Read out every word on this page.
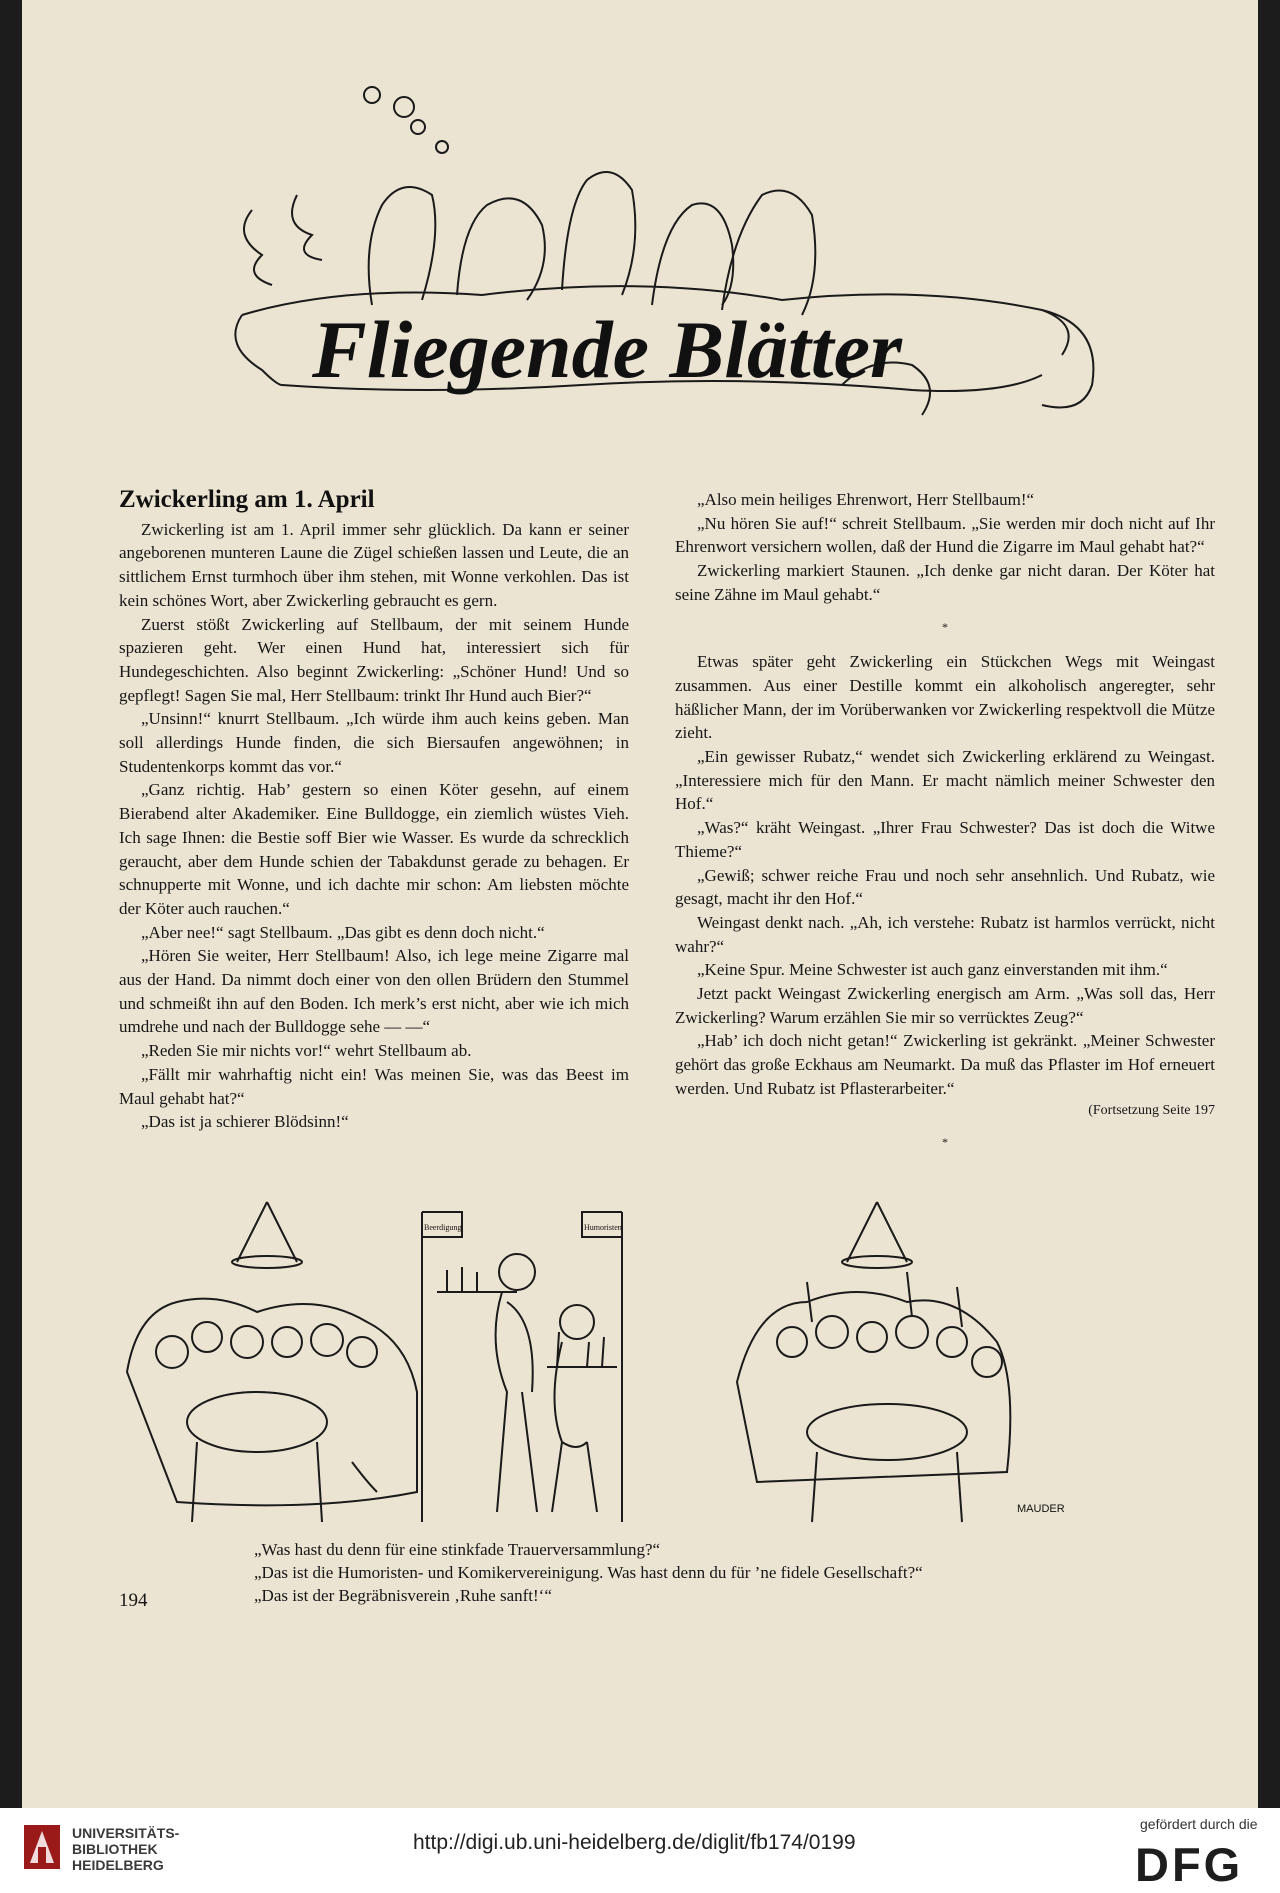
Fliegende Blätter
Zwickerling am 1. April

Zwickerling ist am 1. April immer sehr glücklich. Da kann er seiner angeborenen munteren Laune die Zügel schießen lassen und Leute, die an sittlichem Ernst turmhoch über ihm stehen, mit Wonne verkohlen. Das ist kein schönes Wort, aber Zwickerling gebraucht es gern.

Zuerst stößt Zwickerling auf Stellbaum, der mit seinem Hunde spazieren geht. Wer einen Hund hat, interessiert sich für Hundegeschichten. Also beginnt Zwickerling: „Schöner Hund! Und so gepflegt! Sagen Sie mal, Herr Stellbaum: trinkt Ihr Hund auch Bier?“

„Unsinn!“ knurrt Stellbaum. „Ich würde ihm auch keins geben. Man soll allerdings Hunde finden, die sich Biersaufen angewöhnen; in Studentenkorps kommt das vor.“

„Ganz richtig. Hab’ gestern so einen Köter gesehn, auf einem Bierabend alter Akademiker. Eine Bulldogge, ein ziemlich wüstes Vieh. Ich sage Ihnen: die Bestie soff Bier wie Wasser. Es wurde da schrecklich geraucht, aber dem Hunde schien der Tabakdunst gerade zu behagen. Er schnupperte mit Wonne, und ich dachte mir schon: Am liebsten möchte der Köter auch rauchen.“

„Aber nee!“ sagt Stellbaum. „Das gibt es denn doch nicht.“

„Hören Sie weiter, Herr Stellbaum! Also, ich lege meine Zigarre mal aus der Hand. Da nimmt doch einer von den ollen Brüdern den Stummel und schmeißt ihn auf den Boden. Ich merk’s erst nicht, aber wie ich mich umdrehe und nach der Bulldogge sehe — —“

„Reden Sie mir nichts vor!“ wehrt Stellbaum ab.

„Fällt mir wahrhaftig nicht ein! Was meinen Sie, was das Beest im Maul gehabt hat?“

„Das ist ja schierer Blödsinn!“

„Also mein heiliges Ehrenwort, Herr Stellbaum!“

„Nu hören Sie auf!“ schreit Stellbaum. „Sie werden mir doch nicht auf Ihr Ehrenwort versichern wollen, daß der Hund die Zigarre im Maul gehabt hat?“

Zwickerling markiert Staunen. „Ich denke gar nicht daran. Der Köter hat seine Zähne im Maul gehabt.“

*

Etwas später geht Zwickerling ein Stückchen Wegs mit Weingast zusammen. Aus einer Destille kommt ein alkoholisch angeregter, sehr häßlicher Mann, der im Vorüberwanken vor Zwickerling respektvoll die Mütze zieht.

„Ein gewisser Rubatz,“ wendet sich Zwickerling erklärend zu Weingast. „Interessiere mich für den Mann. Er macht nämlich meiner Schwester den Hof.“

„Was?“ kräht Weingast. „Ihrer Frau Schwester? Das ist doch die Witwe Thieme?“

„Gewiß; schwer reiche Frau und noch sehr ansehnlich. Und Rubatz, wie gesagt, macht ihr den Hof.“

Weingast denkt nach. „Ah, ich verstehe: Rubatz ist harmlos verrückt, nicht wahr?“

„Keine Spur. Meine Schwester ist auch ganz einverstanden mit ihm.“

Jetzt packt Weingast Zwickerling energisch am Arm. „Was soll das, Herr Zwickerling? Warum erzählen Sie mir so verrücktes Zeug?“

„Hab’ ich doch nicht getan!“ Zwickerling ist gekränkt. „Meiner Schwester gehört das große Eckhaus am Neumarkt. Da muß das Pflaster im Hof erneuert werden. Und Rubatz ist Pflasterarbeiter.“

(Fortsetzung Seite 197
*
Beerdigung	Humoristen
MAUDER
„Was hast du denn für eine stinkfade Trauerversammlung?“
„Das ist die Humoristen- und Komikervereinigung. Was hast denn du für ’ne fidele Gesellschaft?“
„Das ist der Begräbnisverein ‚Ruhe sanft!‘“
194
UNIVERSITÄTS-
BIBLIOTHEK
HEIDELBERG
http://digi.ub.uni-heidelberg.de/diglit/fb174/0199
gefördert durch die
DFG
